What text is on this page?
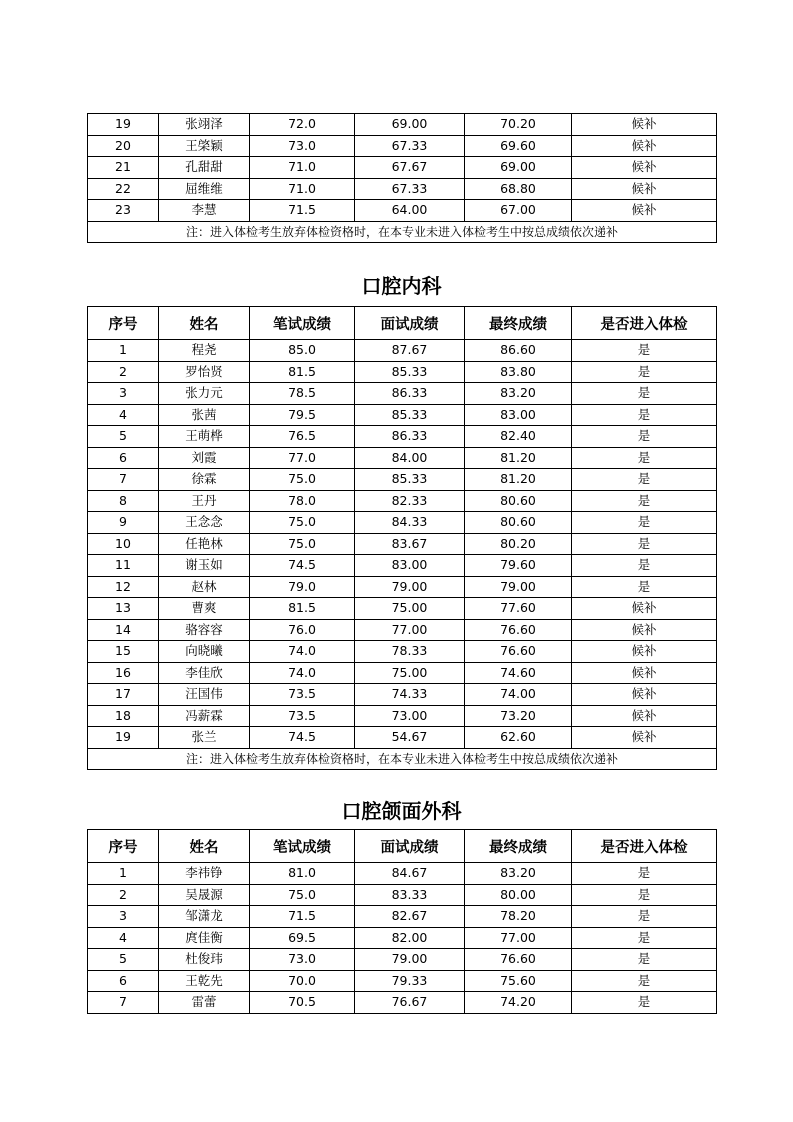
19	张翊泽	72.0	69.00	70.20	候补
20	王棨颖	73.0	67.33	69.60	候补
21	孔甜甜	71.0	67.67	69.00	候补
22	屈维维	71.0	67.33	68.80	候补
23	李慧	71.5	64.00	67.00	候补
注：进入体检考生放弃体检资格时，在本专业未进入体检考生中按总成绩依次递补					
口腔内科
序号	姓名	笔试成绩	面试成绩	最终成绩	是否进入体检
1	程尧	85.0	87.67	86.60	是
2	罗怡贤	81.5	85.33	83.80	是
3	张力元	78.5	86.33	83.20	是
4	张茜	79.5	85.33	83.00	是
5	王萌桦	76.5	86.33	82.40	是
6	刘霞	77.0	84.00	81.20	是
7	徐霖	75.0	85.33	81.20	是
8	王丹	78.0	82.33	80.60	是
9	王念念	75.0	84.33	80.60	是
10	任艳林	75.0	83.67	80.20	是
11	谢玉如	74.5	83.00	79.60	是
12	赵林	79.0	79.00	79.00	是
13	曹爽	81.5	75.00	77.60	候补
14	骆容容	76.0	77.00	76.60	候补
15	向晓曦	74.0	78.33	76.60	候补
16	李佳欣	74.0	75.00	74.60	候补
17	汪国伟	73.5	74.33	74.00	候补
18	冯薪霖	73.5	73.00	73.20	候补
19	张兰	74.5	54.67	62.60	候补
注：进入体检考生放弃体检资格时，在本专业未进入体检考生中按总成绩依次递补					
口腔颌面外科
序号	姓名	笔试成绩	面试成绩	最终成绩	是否进入体检
1	李祎铮	81.0	84.67	83.20	是
2	吴晟源	75.0	83.33	80.00	是
3	邹潇龙	71.5	82.67	78.20	是
4	庹佳衡	69.5	82.00	77.00	是
5	杜俊玮	73.0	79.00	76.60	是
6	王乾先	70.0	79.33	75.60	是
7	雷蕾	70.5	76.67	74.20	是
